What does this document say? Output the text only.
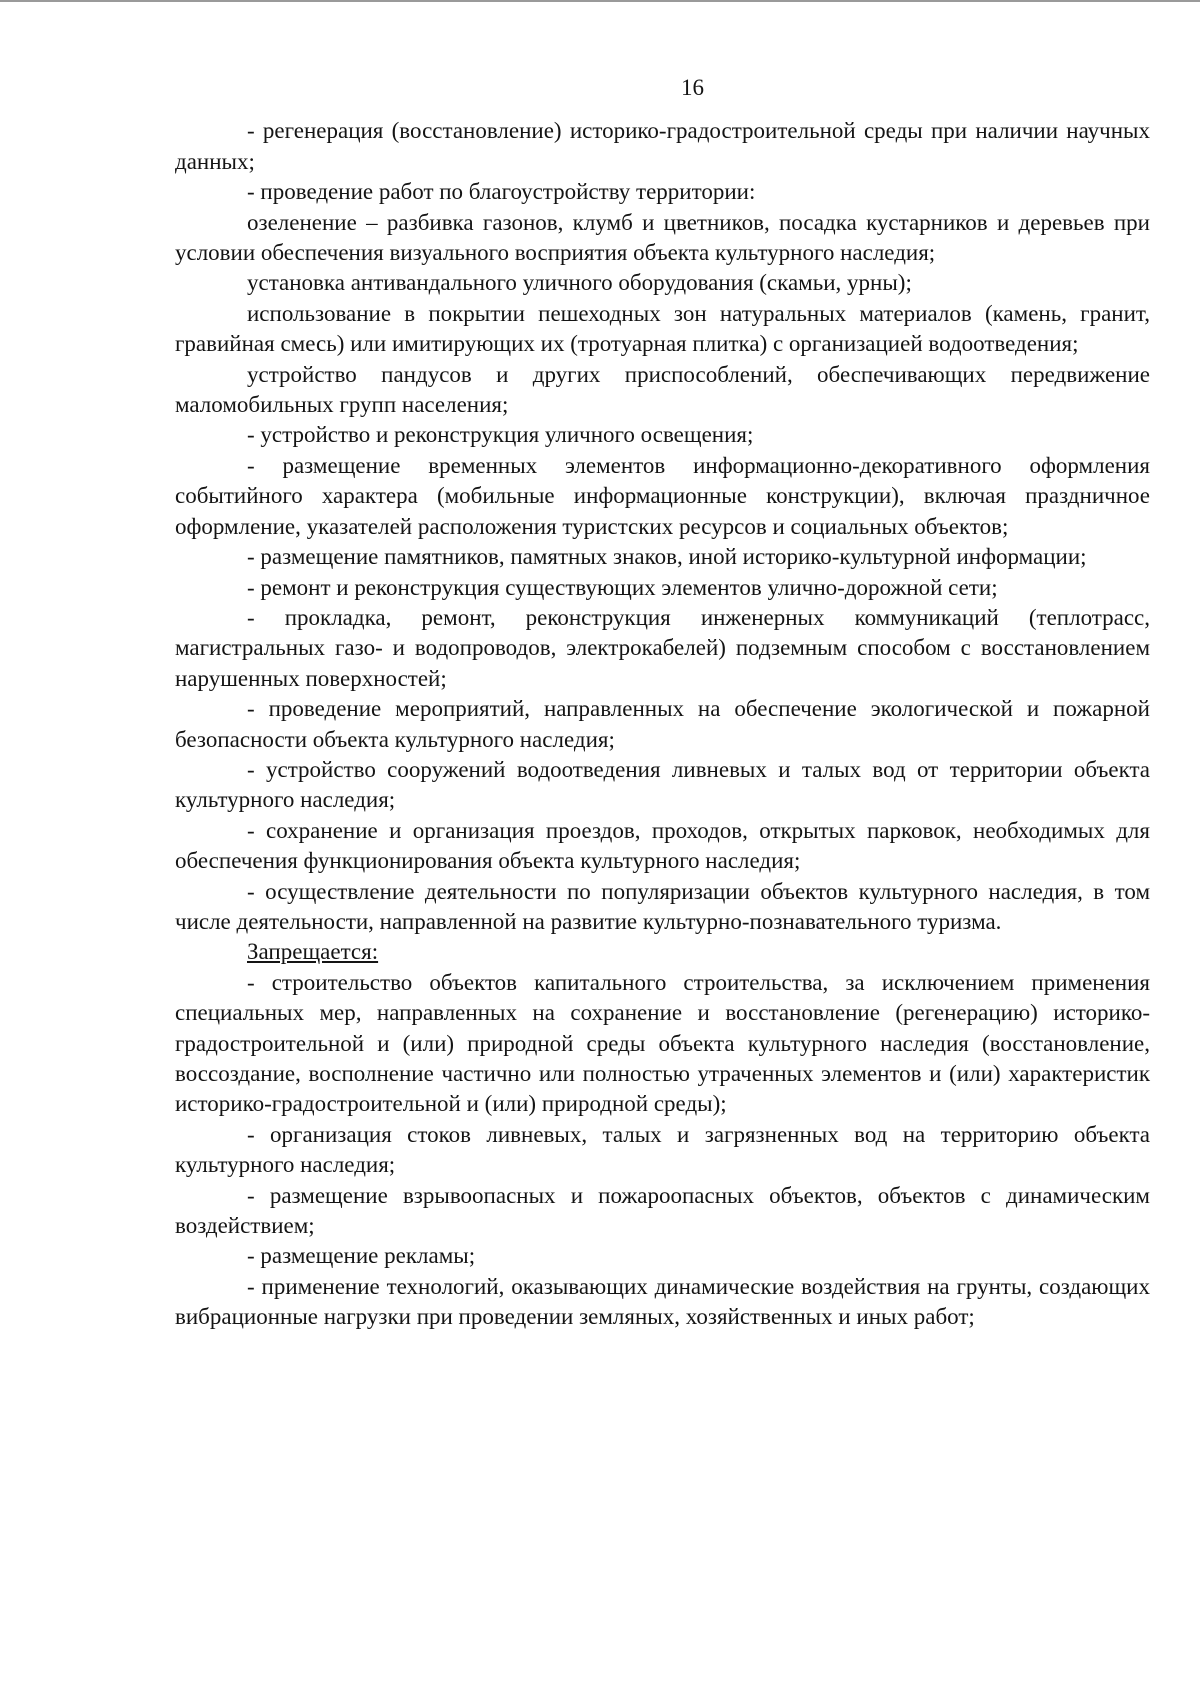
16

- регенерация (восстановление) историко-градостроительной среды при наличии научных данных;

- проведение работ по благоустройству территории:

озеленение – разбивка газонов, клумб и цветников, посадка кустарников и деревьев при условии обеспечения визуального восприятия объекта культурного наследия;

установка антивандального уличного оборудования (скамьи, урны);

использование в покрытии пешеходных зон натуральных материалов (камень, гранит, гравийная смесь) или имитирующих их (тротуарная плитка) с организацией водоотведения;

устройство пандусов и других приспособлений, обеспечивающих передвижение маломобильных групп населения;

- устройство и реконструкция уличного освещения;

- размещение временных элементов информационно-декоративного оформления событийного характера (мобильные информационные конструкции), включая праздничное оформление, указателей расположения туристских ресурсов и социальных объектов;

- размещение памятников, памятных знаков, иной историко-культурной информации;

- ремонт и реконструкция существующих элементов улично-дорожной сети;

- прокладка, ремонт, реконструкция инженерных коммуникаций (теплотрасс, магистральных газо- и водопроводов, электрокабелей) подземным способом с восстановлением нарушенных поверхностей;

- проведение мероприятий, направленных на обеспечение экологической и пожарной безопасности объекта культурного наследия;

- устройство сооружений водоотведения ливневых и талых вод от территории объекта культурного наследия;

- сохранение и организация проездов, проходов, открытых парковок, необходимых для обеспечения функционирования объекта культурного наследия;

- осуществление деятельности по популяризации объектов культурного наследия, в том числе деятельности, направленной на развитие культурно-познавательного туризма.

Запрещается:

- строительство объектов капитального строительства, за исключением применения специальных мер, направленных на сохранение и восстановление (регенерацию) историко-градостроительной и (или) природной среды объекта культурного наследия (восстановление, воссоздание, восполнение частично или полностью утраченных элементов и (или) характеристик историко-градостроительной и (или) природной среды);

- организация стоков ливневых, талых и загрязненных вод на территорию объекта культурного наследия;

- размещение взрывоопасных и пожароопасных объектов, объектов с динамическим воздействием;

- размещение рекламы;

- применение технологий, оказывающих динамические воздействия на грунты, создающих вибрационные нагрузки при проведении земляных, хозяйственных и иных работ;
